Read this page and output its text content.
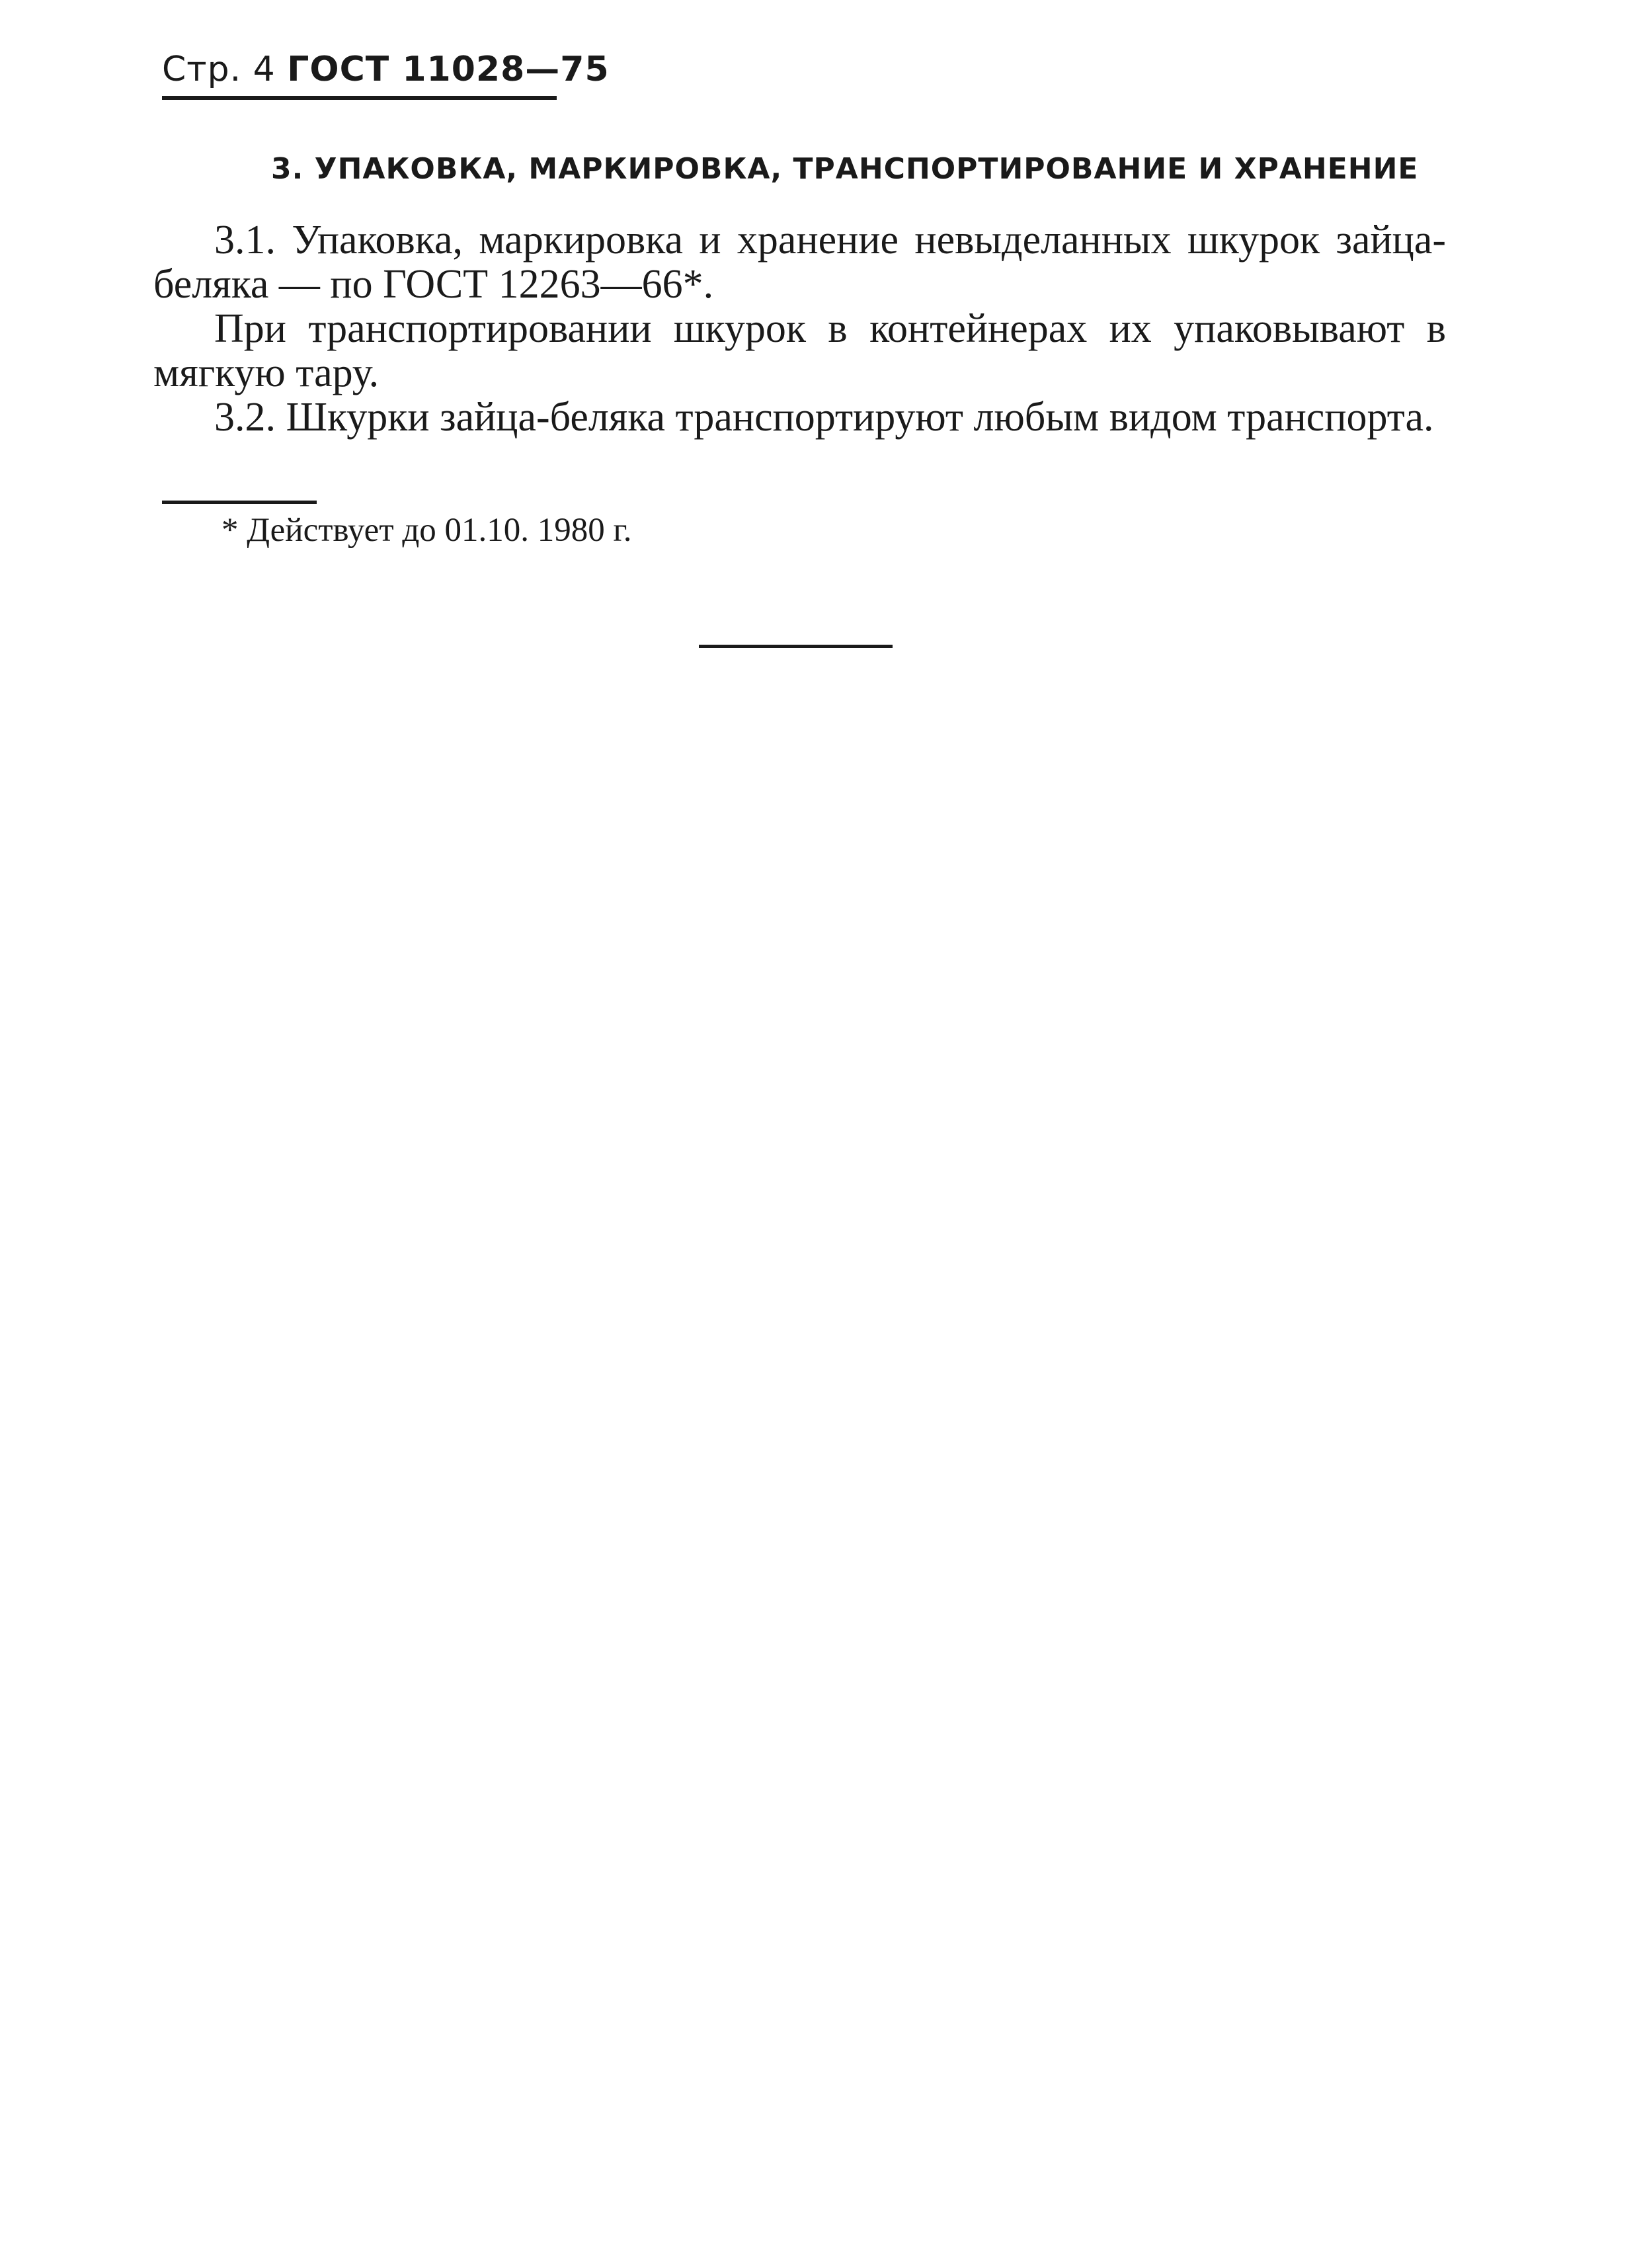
Стр. 4 ГОСТ 11028—75
3. УПАКОВКА, МАРКИРОВКА, ТРАНСПОРТИРОВАНИЕ И ХРАНЕНИЕ

3.1. Упаковка, маркировка и хранение невыделанных шкурок зайца-беляка — по ГОСТ 12263—66*.

При транспортировании шкурок в контейнерах их упаковывают в мягкую тару.

3.2. Шкурки зайца-беляка транспортируют любым видом транспорта.

* Действует до 01.10. 1980 г.
